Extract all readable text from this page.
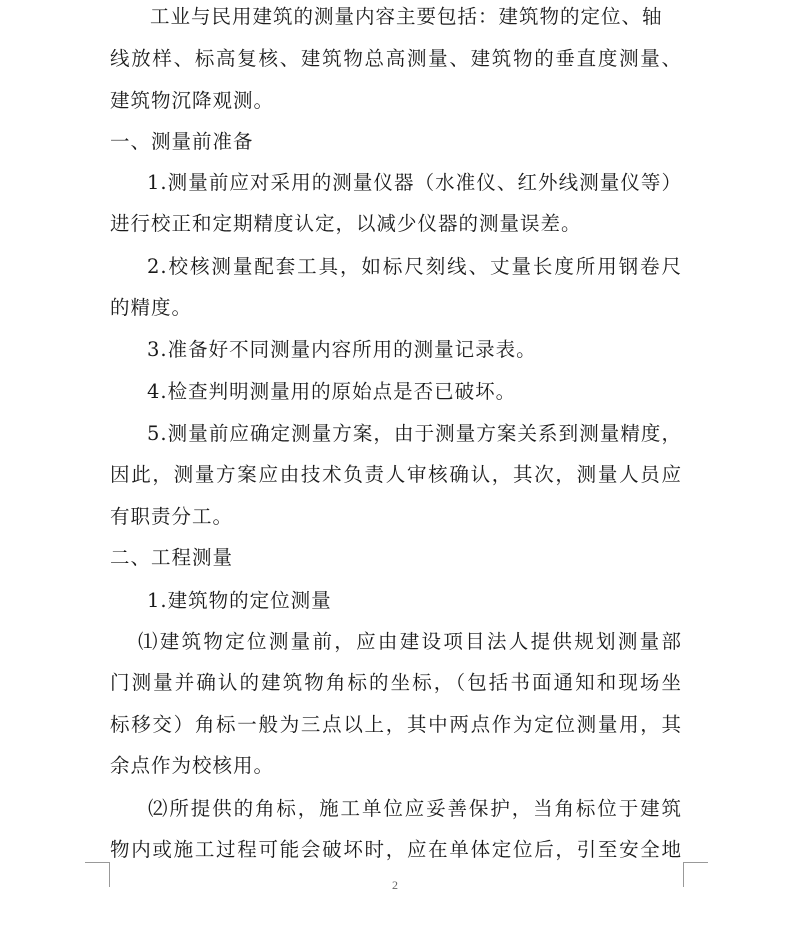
工业与民用建筑的测量内容主要包括：建筑物的定位、轴
线放样、标高复核、建筑物总高测量、建筑物的垂直度测量、
建筑物沉降观测。
一、测量前准备
1.测量前应对采用的测量仪器（水准仪、红外线测量仪等）
进行校正和定期精度认定，以减少仪器的测量误差。
2.校核测量配套工具，如标尺刻线、丈量长度所用钢卷尺
的精度。
3.准备好不同测量内容所用的测量记录表。
4.检查判明测量用的原始点是否已破坏。
5.测量前应确定测量方案，由于测量方案关系到测量精度，
因此，测量方案应由技术负责人审核确认，其次，测量人员应
有职责分工。
二、工程测量
1.建筑物的定位测量
⑴建筑物定位测量前，应由建设项目法人提供规划测量部
门测量并确认的建筑物角标的坐标，（包括书面通知和现场坐
标移交）角标一般为三点以上，其中两点作为定位测量用，其
余点作为校核用。
⑵所提供的角标，施工单位应妥善保护，当角标位于建筑
物内或施工过程可能会破坏时，应在单体定位后，引至安全地
2
